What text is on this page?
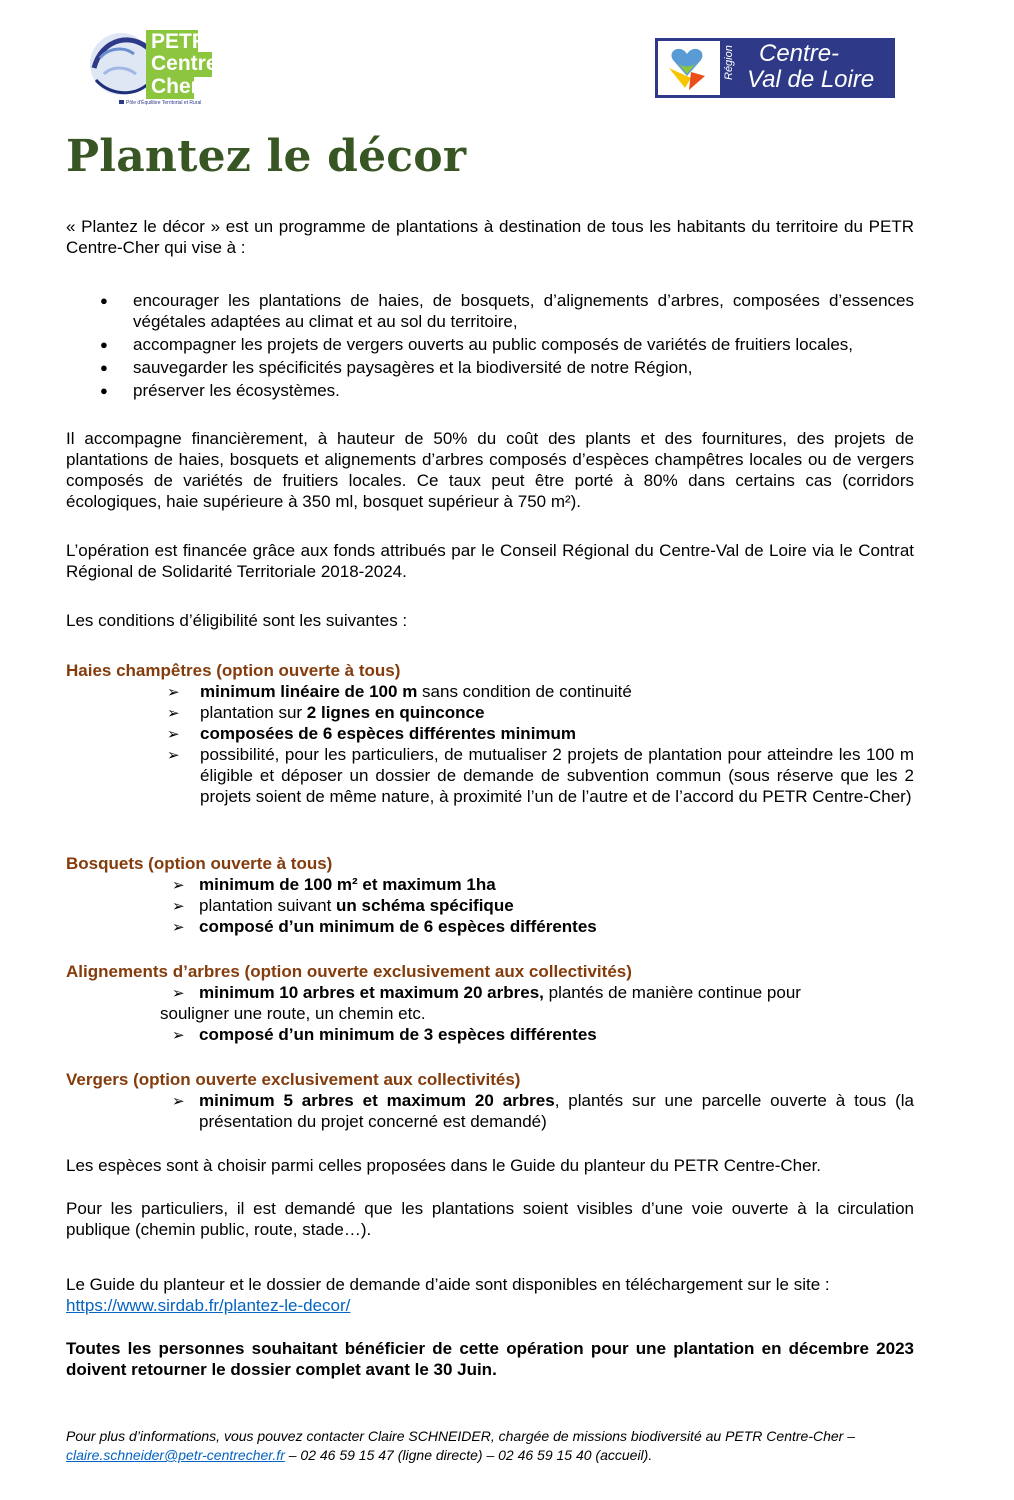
PETR
Centre
Cher
Pôle d'Équilibre Territorial et Rural
Région Centre-
Val de Loire
Plantez le décor

« Plantez le décor » est un programme de plantations à destination de tous les habitants du territoire du PETR Centre-Cher qui vise à :

● encourager les plantations de haies, de bosquets, d’alignements d’arbres, composées d’essences végétales adaptées au climat et au sol du territoire,
● accompagner les projets de vergers ouverts au public composés de variétés de fruitiers locales,
● sauvegarder les spécificités paysagères et la biodiversité de notre Région,
● préserver les écosystèmes.

Il accompagne financièrement, à hauteur de 50% du coût des plants et des fournitures, des projets de plantations de haies, bosquets et alignements d’arbres composés d’espèces champêtres locales ou de vergers composés de variétés de fruitiers locales. Ce taux peut être porté à 80% dans certains cas (corridors écologiques, haie supérieure à 350 ml, bosquet supérieur à 750 m²).

L’opération est financée grâce aux fonds attribués par le Conseil Régional du Centre-Val de Loire via le Contrat Régional de Solidarité Territoriale 2018-2024.

Les conditions d’éligibilité sont les suivantes :

Haies champêtres (option ouverte à tous)

➢ minimum linéaire de 100 m sans condition de continuité
➢ plantation sur 2 lignes en quinconce
➢ composées de 6 espèces différentes minimum
➢ possibilité, pour les particuliers, de mutualiser 2 projets de plantation pour atteindre les 100 m éligible et déposer un dossier de demande de subvention commun (sous réserve que les 2 projets soient de même nature, à proximité l’un de l’autre et de l’accord du PETR Centre-Cher)

Bosquets (option ouverte à tous)

➢ minimum de 100 m² et maximum 1ha
➢ plantation suivant un schéma spécifique
➢ composé d’un minimum de 6 espèces différentes

Alignements d’arbres (option ouverte exclusivement aux collectivités)

➢ minimum 10 arbres et maximum 20 arbres, plantés de manière continue pour
souligner une route, un chemin etc.
➢ composé d’un minimum de 3 espèces différentes

Vergers (option ouverte exclusivement aux collectivités)

➢ minimum 5 arbres et maximum 20 arbres, plantés sur une parcelle ouverte à tous (la présentation du projet concerné est demandé)

Les espèces sont à choisir parmi celles proposées dans le Guide du planteur du PETR Centre-Cher.

Pour les particuliers, il est demandé que les plantations soient visibles d’une voie ouverte à la circulation publique (chemin public, route, stade…).

Le Guide du planteur et le dossier de demande d’aide sont disponibles en téléchargement sur le site :

https://www.sirdab.fr/plantez-le-decor/

Toutes les personnes souhaitant bénéficier de cette opération pour une plantation en décembre 2023 doivent retourner le dossier complet avant le 30 Juin.

Pour plus d’informations, vous pouvez contacter Claire SCHNEIDER, chargée de missions biodiversité au PETR Centre-Cher –
claire.schneider@petr-centrecher.fr – 02 46 59 15 47 (ligne directe) – 02 46 59 15 40 (accueil).
